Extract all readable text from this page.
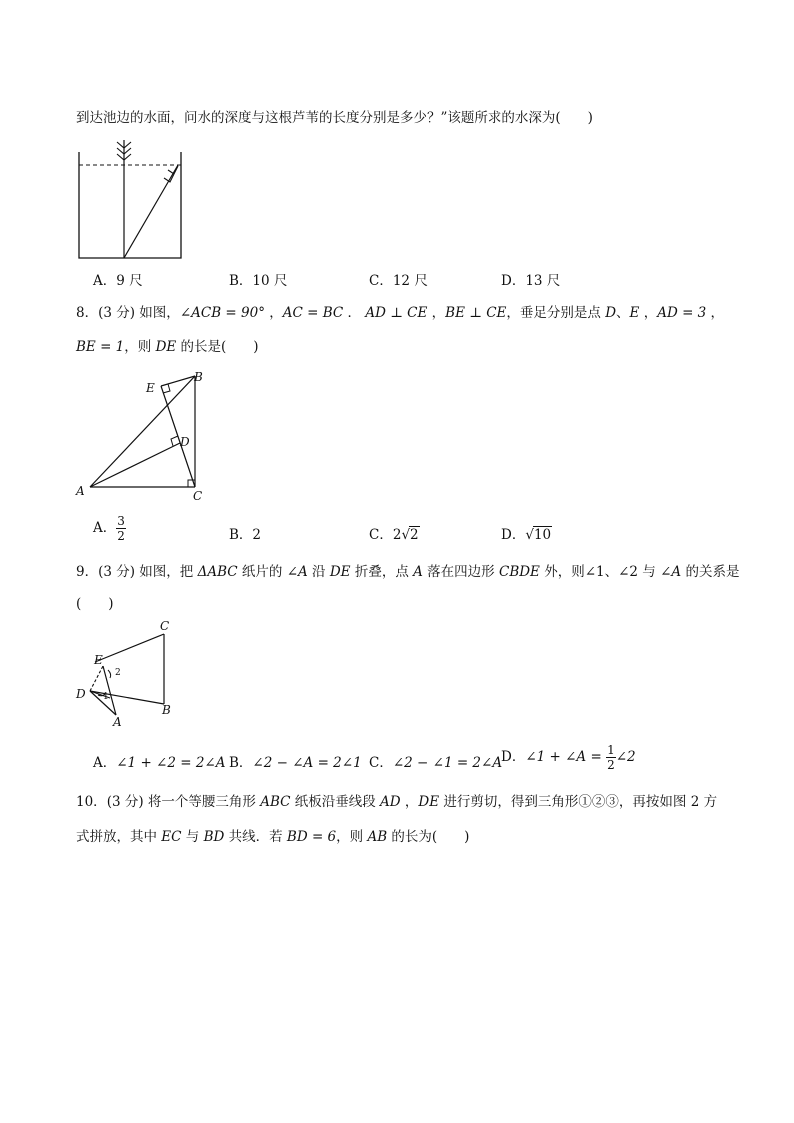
到达池边的水面，问水的深度与这根芦苇的长度分别是多少？”该题所求的水深为(　　)
A．9 尺	B．10 尺	C．12 尺	D．13 尺
8．(3 分) 如图，∠ACB = 90° ，AC = BC ． AD ⊥ CE ，BE ⊥ CE，垂足分别是点 D、E ，AD = 3 ，
BE = 1，则 DE 的长是(　　)
A	C
B
E
D
A． $\frac{3}{2}$	B．2	C．2√2	D．√10
9．(3 分) 如图，把 ΔABC 纸片的 ∠A 沿 DE 折叠，点 A 落在四边形 CBDE 外，则∠1、∠2 与 ∠A 的关系是
(　　)
C
E
2
D 1
B
A
A．∠1 + ∠2 = 2∠A B．∠2 − ∠A = 2∠1 C．∠2 − ∠1 = 2∠A
D．∠1 + ∠A = $\frac{1}{2}$ ∠2
10．(3 分) 将一个等腰三角形 ABC 纸板沿垂线段 AD ，DE 进行剪切，得到三角形①②③，再按如图 2 方
式拼放，其中 EC 与 BD 共线．若 BD = 6，则 AB 的长为(　　)
